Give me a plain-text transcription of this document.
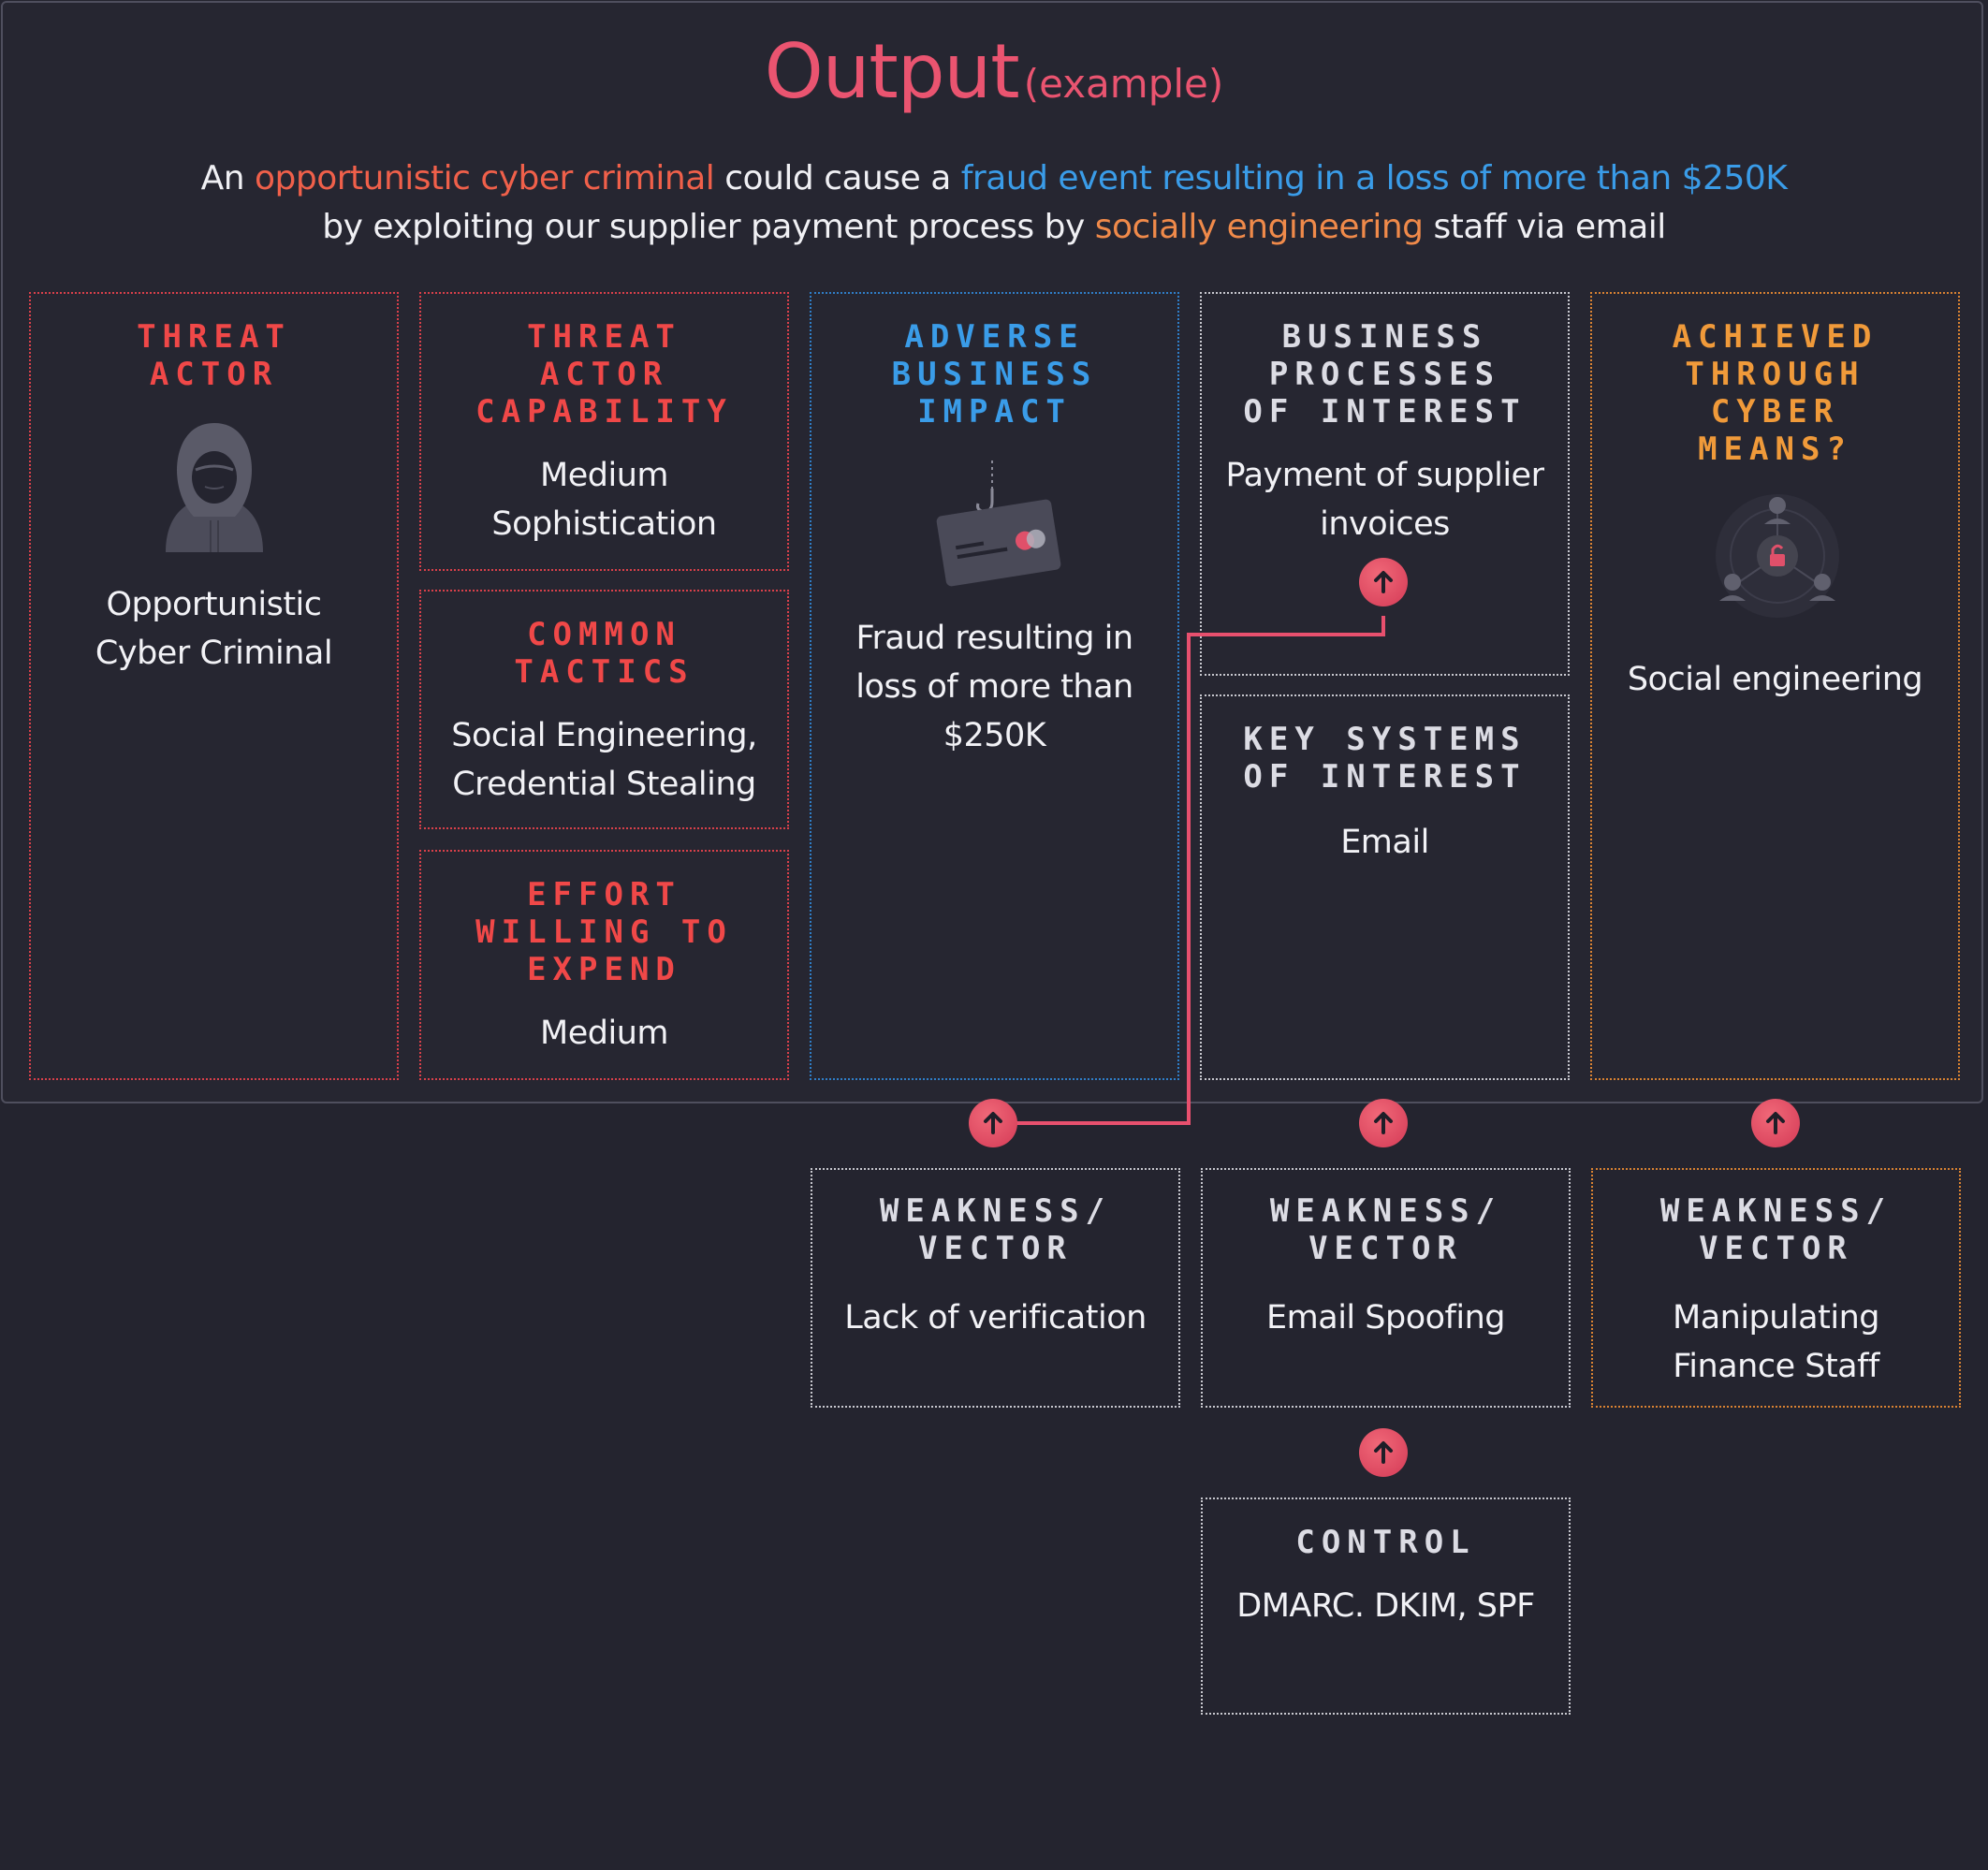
Output (example)
An opportunistic cyber criminal could cause a fraud event resulting in a loss of more than $250K
by exploiting our supplier payment process by socially engineering staff via email
THREAT
ACTOR
Opportunistic
Cyber Criminal
THREAT
ACTOR
CAPABILITY
Medium
Sophistication
COMMON
TACTICS
Social Engineering,
Credential Stealing
EFFORT
WILLING TO
EXPEND
Medium
ADVERSE
BUSINESS
IMPACT
Fraud resulting in
loss of more than
$250K
BUSINESS
PROCESSES
OF INTEREST
Payment of supplier
invoices
KEY SYSTEMS
OF INTEREST
Email
ACHIEVED
THROUGH
CYBER
MEANS?
Social engineering
WEAKNESS/
VECTOR
Lack of verification
WEAKNESS/
VECTOR
Email Spoofing
WEAKNESS/
VECTOR
Manipulating
Finance Staff
CONTROL
DMARC. DKIM, SPF
